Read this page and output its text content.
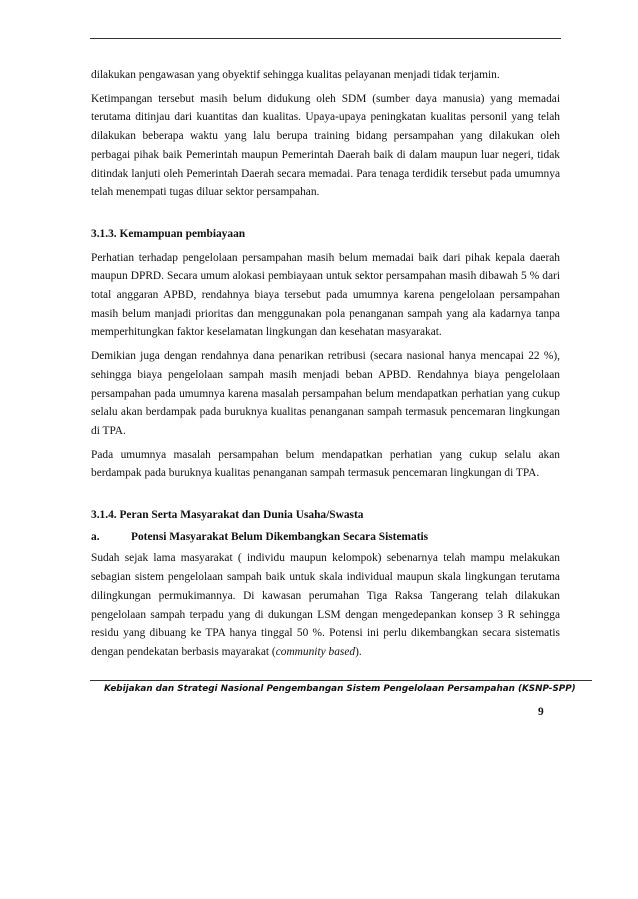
dilakukan pengawasan yang obyektif sehingga kualitas pelayanan menjadi tidak terjamin.

Ketimpangan tersebut masih belum didukung oleh SDM (sumber daya manusia) yang memadai terutama ditinjau dari kuantitas dan kualitas. Upaya-upaya peningkatan kualitas personil yang telah dilakukan beberapa waktu yang lalu berupa training bidang persampahan yang dilakukan oleh perbagai pihak baik Pemerintah maupun Pemerintah Daerah baik di dalam maupun luar negeri, tidak ditindak lanjuti oleh Pemerintah Daerah secara memadai. Para tenaga terdidik tersebut pada umumnya telah menempati tugas diluar sektor persampahan.

3.1.3. Kemampuan pembiayaan

Perhatian terhadap pengelolaan persampahan masih belum memadai baik dari pihak kepala daerah maupun DPRD. Secara umum alokasi pembiayaan untuk sektor persampahan masih dibawah 5 % dari total anggaran APBD, rendahnya biaya tersebut pada umumnya karena pengelolaan persampahan masih belum manjadi prioritas dan menggunakan pola penanganan sampah yang ala kadarnya tanpa memperhitungkan faktor keselamatan lingkungan dan kesehatan masyarakat.

Demikian juga dengan rendahnya dana penarikan retribusi (secara nasional hanya mencapai 22 %), sehingga biaya pengelolaan sampah masih menjadi beban APBD. Rendahnya biaya pengelolaan persampahan pada umumnya karena masalah persampahan belum mendapatkan perhatian yang cukup selalu akan berdampak pada buruknya kualitas penanganan sampah termasuk pencemaran lingkungan di TPA.

Pada umumnya masalah persampahan belum mendapatkan perhatian yang cukup selalu akan berdampak pada buruknya kualitas penanganan sampah termasuk pencemaran lingkungan di TPA.

3.1.4. Peran Serta Masyarakat dan Dunia Usaha/Swasta
a.	Potensi Masyarakat Belum Dikembangkan Secara Sistematis

Sudah sejak lama masyarakat ( individu maupun kelompok) sebenarnya telah mampu melakukan sebagian sistem pengelolaan sampah baik untuk skala individual maupun skala lingkungan terutama dilingkungan permukimannya. Di kawasan perumahan Tiga Raksa Tangerang telah dilakukan pengelolaan sampah terpadu yang di dukungan LSM dengan mengedepankan konsep 3 R sehingga residu yang dibuang ke TPA hanya tinggal 50 %. Potensi ini perlu dikembangkan secara sistematis dengan pendekatan berbasis mayarakat (community based).

Kebijakan dan Strategi Nasional Pengembangan Sistem Pengelolaan Persampahan (KSNP-SPP)
9
